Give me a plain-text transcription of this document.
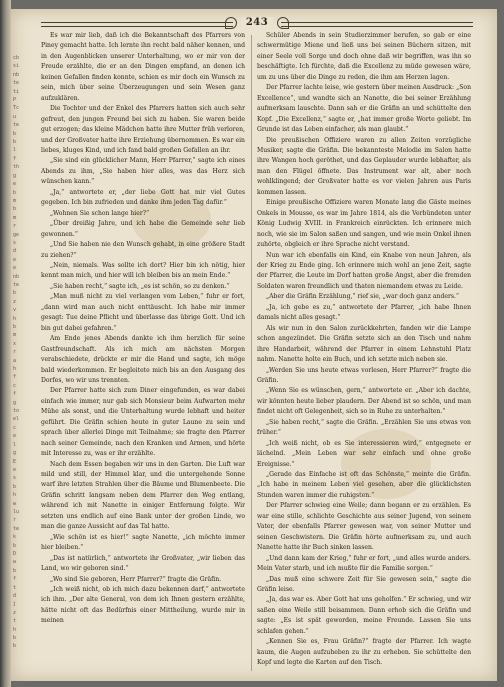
cb
si
nb
te
ti
P
Tc
u
te
b
b
l
f
th
g
e
b
m
b
m
r
ge
s
d
e
e
nb
te
b
z
v
h
b
m
x
r
a
h
f
c
f
g
to
el
c
e
l
g
E
e
s
b
h
w
lu
r
te
k
b
D
w
b
f
t
d
j
z
t
h
b
b
243

Es war mir lieb, daß ich die Bekanntschaft des Pfarrers von Piney gemacht hatte. Ich lernte ihn recht bald näher kennen, und in den Augenblicken unserer Unterhaltung, wo er mir von der Freude erzählte, die er an den Dingen empfand, an denen ich keinen Gefallen finden konnte, schien es mir doch ein Wunsch zu sein, mich über seine Überzeugungen und sein Wesen ganz aufzuklären.

Die Tochter und der Enkel des Pfarrers hatten sich auch sehr gefreut, den jungen Freund bei sich zu haben. Sie waren beide gut erzogen; das kleine Mädchen hatte ihre Mutter früh verloren, und der Großvater hatte ihre Erziehung übernommen. Es war ein liebes, kluges Kind, und ich fand bald großen Gefallen an ihr.

„Sie sind ein glücklicher Mann, Herr Pfarrer,“ sagte ich eines Abends zu ihm, „Sie haben hier alles, was das Herz sich wünschen kann.“

„Ja,“ antwortete er, „der liebe Gott hat mir viel Gutes gegeben. Ich bin zufrieden und danke ihm jeden Tag dafür.“

„Wohnen Sie schon lange hier?“

„Über dreißig Jahre, und ich habe die Gemeinde sehr lieb gewonnen.“

„Und Sie haben nie den Wunsch gehabt, in eine größere Stadt zu ziehen?“

„Nein, niemals. Was sollte ich dort? Hier bin ich nötig, hier kennt man mich, und hier will ich bleiben bis an mein Ende.“

„Sie haben recht,“ sagte ich, „es ist schön, so zu denken.“

„Man muß nicht zu viel verlangen vom Leben,“ fuhr er fort, „dann wird man auch nicht enttäuscht. Ich habe mir immer gesagt: Tue deine Pflicht und überlasse das übrige Gott. Und ich bin gut dabei gefahren.“

Am Ende jenes Abends dankte ich ihm herzlich für seine Gastfreundschaft. Als ich mich am nächsten Morgen verabschiedete, drückte er mir die Hand und sagte, ich möge bald wiederkommen. Er begleitete mich bis an den Ausgang des Dorfes, wo wir uns trennten.

Der Pfarrer hatte sich zum Diner eingefunden, es war dabei einfach wie immer, nur gab sich Monsieur beim Aufwarten mehr Mühe als sonst, und die Unterhaltung wurde lebhaft und heiter geführt. Die Gräfin schien heute in guter Laune zu sein und sprach über allerlei Dinge mit Teilnahme; sie fragte den Pfarrer nach seiner Gemeinde, nach den Kranken und Armen, und hörte mit Interesse zu, was er ihr erzählte.

Nach dem Essen begaben wir uns in den Garten. Die Luft war mild und still, der Himmel klar, und die untergehende Sonne warf ihre letzten Strahlen über die Bäume und Blumenbeete. Die Gräfin schritt langsam neben dem Pfarrer den Weg entlang, während ich mit Nanette in einiger Entfernung folgte. Wir setzten uns endlich auf eine Bank unter der großen Linde, wo man die ganze Aussicht auf das Tal hatte.

„Wie schön ist es hier!“ sagte Nanette, „ich möchte immer hier bleiben.“

„Das ist natürlich,“ antwortete ihr Großvater, „wir lieben das Land, wo wir geboren sind.“

„Wo sind Sie geboren, Herr Pfarrer?“ fragte die Gräfin.

„Ich weiß nicht, ob ich mich dazu bekennen darf,“ antwortete ich ihm. „Der alte General, von dem ich Ihnen gestern erzählte, hätte nicht oft das Bedürfnis einer Mittheilung, wurde mir in meinen

Schüler Abends in sein Studierzimmer berufen, so gab er eine schwermütige Miene und ließ uns bei seinen Büchern sitzen, mit einer Seele voll Sorge und doch ohne daß wir begriffen, was ihn so beschäftigte. Ich fürchte, daß die Excellenz zu müde gewesen wäre, um zu uns über die Dinge zu reden, die ihm am Herzen lagen.

Der Pfarrer lachte leise, wie gestern über meinen Ausdruck: „Son Excellence“, und wandte sich an Nanette, die bei seiner Erzählung aufmerksam lauschte. Dann sah er die Gräfin an und schüttelte den Kopf. „Die Excellenz,“ sagte er, „hat immer große Worte geliebt. Im Grunde ist das Leben einfacher, als man glaubt.“

Die preußischen Offiziere waren zu allen Zeiten vorzügliche Musiker, sagte die Gräfin. Die bekannteste Melodie im Salon hatte ihre Wangen hoch geröthet, und das Geplauder wurde lebhafter, als man den Flügel öffnete. Das Instrument war alt, aber noch wohlklingend; der Großvater hatte es vor vielen Jahren aus Paris kommen lassen.

Einige preußische Offiziere waren Monate lang die Gäste meines Onkels in Mousse, es war im Jahre 1814, als die Verbündeten unter König Ludwig XVIII. in Frankreich einrückten. Ich erinnere mich noch, wie sie im Salon saßen und sangen, und wie mein Onkel ihnen zuhörte, obgleich er ihre Sprache nicht verstand.

Nun war ich ebenfalls ein Kind, ein Knabe von neun Jahren, als der Krieg zu Ende ging. Ich erinnere mich wohl an jene Zeit, sagte der Pfarrer, die Leute im Dorf hatten große Angst, aber die fremden Soldaten waren freundlich und thaten niemandem etwas zu Leide.

„Aber die Gräfin Erzählung,“ rief sie, „war doch ganz anders.“

„Ja, ich gebe es zu,“ antwortete der Pfarrer, „ich habe Ihnen damals nicht alles gesagt.“

Als wir nun in den Salon zurückkehrten, fanden wir die Lampe schon angezündet. Die Gräfin setzte sich an den Tisch und nahm ihre Handarbeit, während der Pfarrer in einem Lehnstuhl Platz nahm. Nanette holte ein Buch, und ich setzte mich neben sie.

„Werden Sie uns heute etwas vorlesen, Herr Pfarrer?“ fragte die Gräfin.

„Wenn Sie es wünschen, gern,“ antwortete er. „Aber ich dachte, wir könnten heute lieber plaudern. Der Abend ist so schön, und man findet nicht oft Gelegenheit, sich so in Ruhe zu unterhalten.“

„Sie haben recht,“ sagte die Gräfin. „Erzählen Sie uns etwas von früher.“

„Ich weiß nicht, ob es Sie interessieren wird,“ entgegnete er lächelnd. „Mein Leben war sehr einfach und ohne große Ereignisse.“

„Gerade das Einfache ist oft das Schönste,“ meinte die Gräfin. „Ich habe in meinem Leben viel gesehen, aber die glücklichsten Stunden waren immer die ruhigsten.“

Der Pfarrer schwieg eine Weile; dann begann er zu erzählen. Es war eine stille, schlichte Geschichte aus seiner Jugend, von seinem Vater, der ebenfalls Pfarrer gewesen war, von seiner Mutter und seinen Geschwistern. Die Gräfin hörte aufmerksam zu, und auch Nanette hatte ihr Buch sinken lassen.

„Und dann kam der Krieg,“ fuhr er fort, „und alles wurde anders. Mein Vater starb, und ich mußte für die Familie sorgen.“

„Das muß eine schwere Zeit für Sie gewesen sein,“ sagte die Gräfin leise.

„Ja, das war es. Aber Gott hat uns geholfen.“ Er schwieg, und wir saßen eine Weile still beisammen. Dann erhob sich die Gräfin und sagte: „Es ist spät geworden, meine Freunde. Lassen Sie uns schlafen gehen.“

„Kennen Sie es, Frau Gräfin?“ fragte der Pfarrer. Ich wagte kaum, die Augen aufzuheben zu ihr zu erheben. Sie schüttelte den Kopf und legte die Karten auf den Tisch.
